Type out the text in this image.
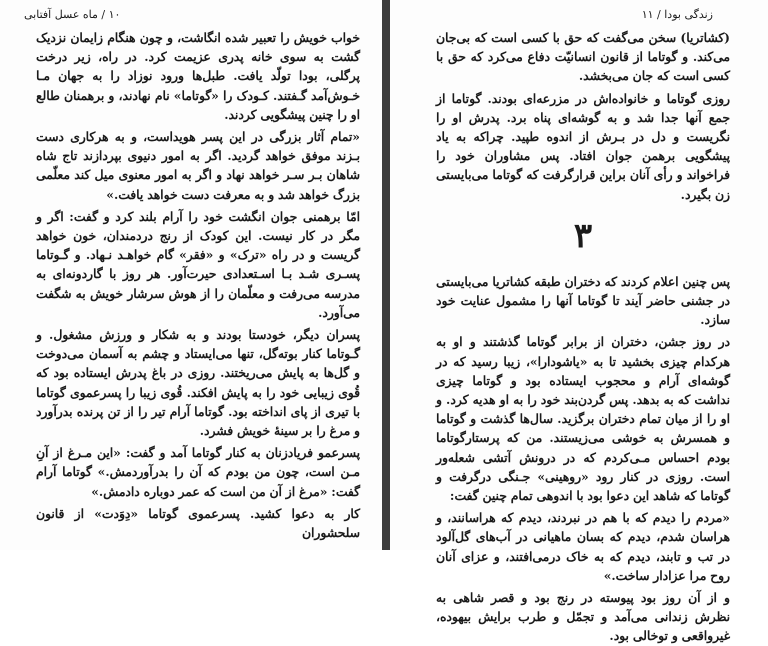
۱۰ / ماه عسل آفتابی

خواب خویش را تعبیر شده انگاشت، و چون هنگام زایمان نزدیک گشت به سوی خانه پدری عزیمت کرد. در راه، زیر درخت پرگلی، بودا تولّد یافت. طبل‌ها ورود نوزاد را به جهان مـا خـوش‌آمد گـفتند. کـودک را «گوتاما» نام نهادند، و برهمنان طالع او را چنین پیشگویی کردند.

«تمام آثار بزرگی در این پسر هویداست، و به هرکاری دست بـزند موفق خواهد گردید. اگر به امور دنیوی بپردازند تاج شاه شاهان بـر سـر خواهد نهاد و اگر به امور معنوی میل کند معلّمی بزرگ خواهد شد و به معرفت دست خواهد یافت.»

امّا برهمنی جوان انگشت خود را آرام بلند کرد و گفت: اگر و مگر در کار نیست. این کودک از رنج دردمندان، خون خواهد گریست و در راه «ترک» و «فقر» گام خواهـد نـهاد. و گـوتاما پسـری شـد بـا اسـتعدادی حیرت‌آور. هر روز با گاردونه‌ای به مدرسه می‌رفت و معلّمان را از هوش سرشار خویش به شگفت می‌آورد.

پسران دیگر، خودستا بودند و به شکار و ورزش مشغول. و گـوتاما کنار بوته‌گل، تنها می‌ایستاد و چشم به آسمان می‌دوخت و گل‌ها به پایش می‌ریختند. روزی در باغ پدرش ایستاده بود که قُوی زیبایی خود را به پایش افکند. قُوی زیبا را پسرعموی گوتاما با تیری از پای انداخته بود. گوتاما آرام تیر را از تن پرنده بدرآورد و مرغ را بر سینهٔ خویش فشرد.

پسرعمو فریادزنان به کنار گوتاما آمد و گفت: «این مـرغ از آنِ مـن است، چون من بودم که آن را بدرآوردمش.» گوتاما آرام گفت: «مرغ از آن من است که عمر دوباره دادمش.»

کار به دعوا کشید. پسرعموی گوتاما «دِوَدت» از قانون سلحشوران

زندگی بودا / ۱۱

(کشاتریا) سخن می‌گفت که حق با کسی است که بی‌جان می‌کند. و گوتاما از قانون انسانیّت دفاع می‌کرد که حق با کسی است که جان می‌بخشد.

روزی گوتاما و خانواده‌اش در مزرعه‌ای بودند. گوتاما از جمع آنها جدا شد و به گوشه‌ای پناه برد. پدرش او را نگریست و دل در بـرش از اندوه طپید. چراکه به یاد پیشگویی برهمن جوان افتاد. پس مشاوران خود را فراخواند و رأی آنان براین قرارگرفت که گوتاما می‌بایستی زن بگیرد.

۳

پس چنین اعلام کردند که دختران طبقه کشاتریا می‌بایستی در جشنی حاضر آیند تا گوتاما آنها را مشمول عنایت خود سازد.

در روز جشن، دختران از برابر گوتاما گذشتند و او به هرکدام چیزی بخشید تا به «یاشودارا»، زیبا رسید که در گوشه‌ای آرام و محجوب ایستاده بود و گوتاما چیزی نداشت که به بدهد. پس گردن‌بند خود را به او هدیه کرد. و او را از میان تمام دختران برگزید. سال‌ها گذشت و گوتاما و همسرش به خوشی می‌زیستند. من که پرستارگوتاما بودم احساس مـی‌کردم که در درونش آتشی شعله‌ور است. روزی در کنار رود «روهینی» جـنگی درگرفت و گوتاما که شاهد این دعوا بود با اندوهی تمام چنین گفت:

«مردم را دیدم که با هم در نبردند، دیدم که هراسانند، و هراسان شدم، دیدم که بسان ماهیانی در آب‌های گل‌آلود در تب و تابند، دیدم که به خاک درمی‌افتند، و عزای آنان روح مرا عزادار ساخت.»

و از آن روز بود پیوسته در رنج بود و قصر شاهی به نظرش زندانی می‌آمد و تجمّل و طرب برایش بیهوده، غیرواقعی و توخالی بود.
